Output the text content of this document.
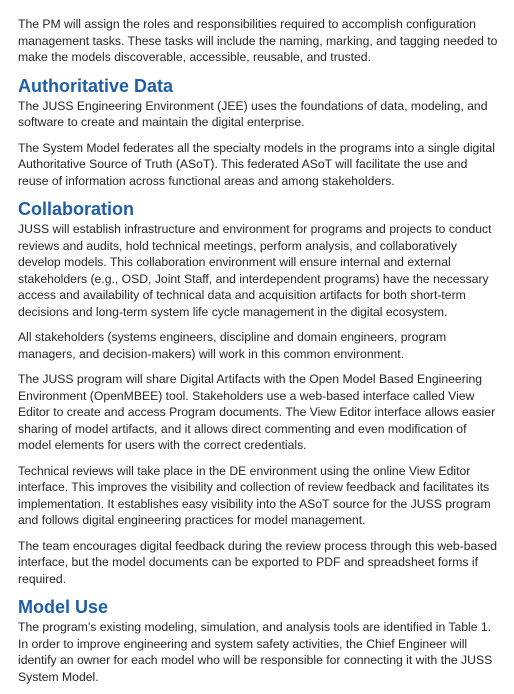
The PM will assign the roles and responsibilities required to accomplish configuration management tasks. These tasks will include the naming, marking, and tagging needed to make the models discoverable, accessible, reusable, and trusted.

Authoritative Data

The JUSS Engineering Environment (JEE) uses the foundations of data, modeling, and software to create and maintain the digital enterprise.

The System Model federates all the specialty models in the programs into a single digital Authoritative Source of Truth (ASoT). This federated ASoT will facilitate the use and reuse of information across functional areas and among stakeholders.

Collaboration

JUSS will establish infrastructure and environment for programs and projects to conduct reviews and audits, hold technical meetings, perform analysis, and collaboratively develop models. This collaboration environment will ensure internal and external stakeholders (e.g., OSD, Joint Staff, and interdependent programs) have the necessary access and availability of technical data and acquisition artifacts for both short-term decisions and long-term system life cycle management in the digital ecosystem.

All stakeholders (systems engineers, discipline and domain engineers, program managers, and decision-makers) will work in this common environment.

The JUSS program will share Digital Artifacts with the Open Model Based Engineering Environment (OpenMBEE) tool. Stakeholders use a web-based interface called View Editor to create and access Program documents. The View Editor interface allows easier sharing of model artifacts, and it allows direct commenting and even modification of model elements for users with the correct credentials.

Technical reviews will take place in the DE environment using the online View Editor interface. This improves the visibility and collection of review feedback and facilitates its implementation. It establishes easy visibility into the ASoT source for the JUSS program and follows digital engineering practices for model management.

The team encourages digital feedback during the review process through this web-based interface, but the model documents can be exported to PDF and spreadsheet forms if required.

Model Use

The program’s existing modeling, simulation, and analysis tools are identified in Table 1. In order to improve engineering and system safety activities, the Chief Engineer will identify an owner for each model who will be responsible for connecting it with the JUSS System Model.
